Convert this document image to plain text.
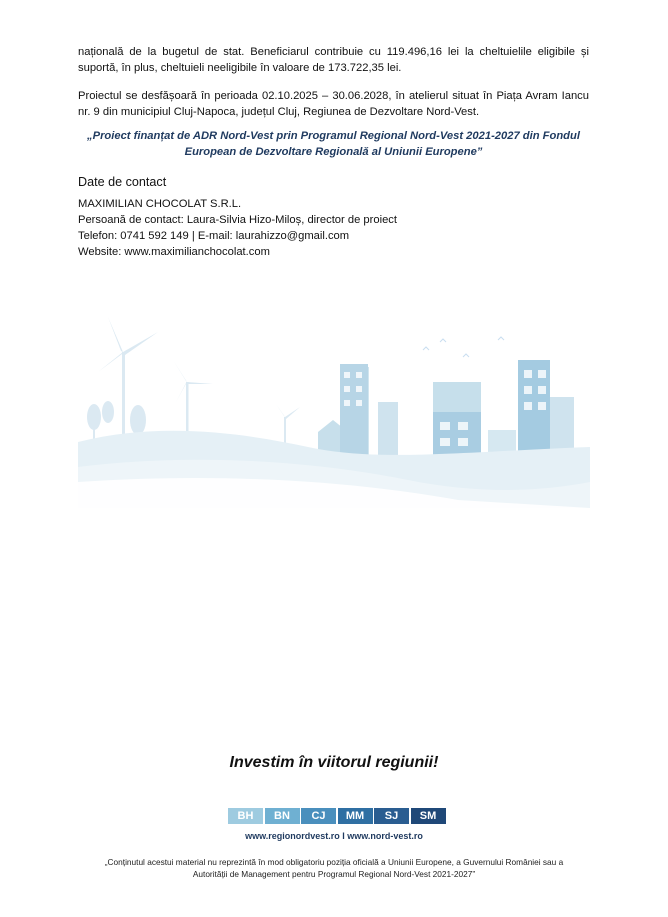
națională de la bugetul de stat. Beneficiarul contribuie cu 119.496,16 lei la cheltuielile eligibile și suportă, în plus, cheltuieli neeligibile în valoare de 173.722,35 lei.
Proiectul se desfășoară în perioada 02.10.2025 – 30.06.2028, în atelierul situat în Piața Avram Iancu nr. 9 din municipiul Cluj-Napoca, județul Cluj, Regiunea de Dezvoltare Nord-Vest.
„Proiect finanțat de ADR Nord-Vest prin Programul Regional Nord-Vest 2021-2027 din Fondul European de Dezvoltare Regională al Uniunii Europene”
Date de contact
MAXIMILIAN CHOCOLAT S.R.L.
Persoană de contact: Laura-Silvia Hizo-Miloș, director de proiect
Telefon: 0741 592 149 | E-mail: laurahizzo@gmail.com
Website: www.maximilianchocolat.com
Investim în viitorul regiunii!
BH	BN	CJ	MM	SJ	SM
www.regionordvest.ro I www.nord-vest.ro
„Conținutul acestui material nu reprezintă în mod obligatoriu poziția oficială a Uniunii Europene, a Guvernului României sau a Autorității de Management pentru Programul Regional Nord-Vest 2021-2027”
